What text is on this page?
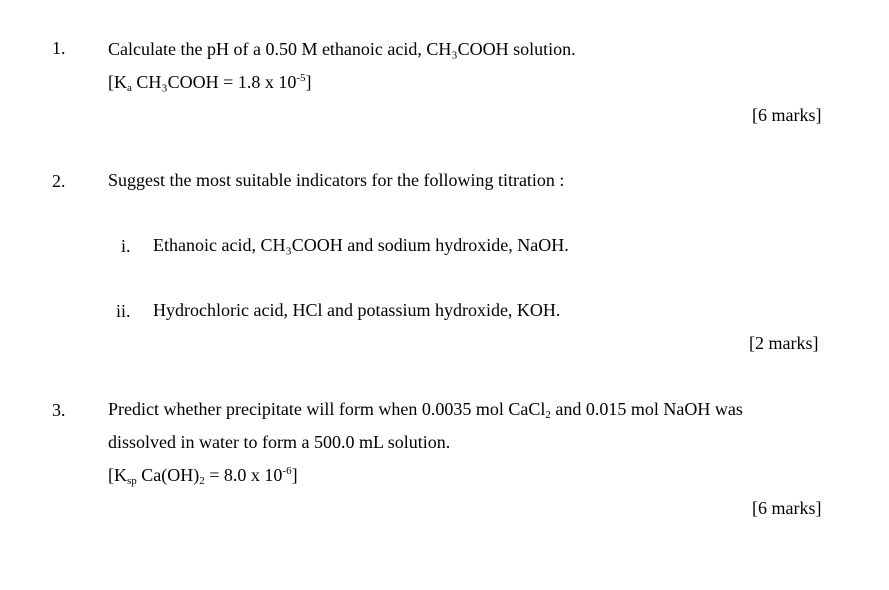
1. Calculate the pH of a 0.50 M ethanoic acid, CH₃COOH solution.
[$K_a$ CH₃COOH = 1.8 x $10^{-5}$]
[6 marks]
2. Suggest the most suitable indicators for the following titration :
i. Ethanoic acid, CH₃COOH and sodium hydroxide, NaOH.
ii. Hydrochloric acid, HCl and potassium hydroxide, KOH.
[2 marks]
3. Predict whether precipitate will form when 0.0035 mol CaCl$_2$ and 0.015 mol NaOH was
dissolved in water to form a 500.0 mL solution.
[$K_{sp}$ $Ca(OH)_2 = 8.0$ x $10^{-6}$]
[6 marks]
